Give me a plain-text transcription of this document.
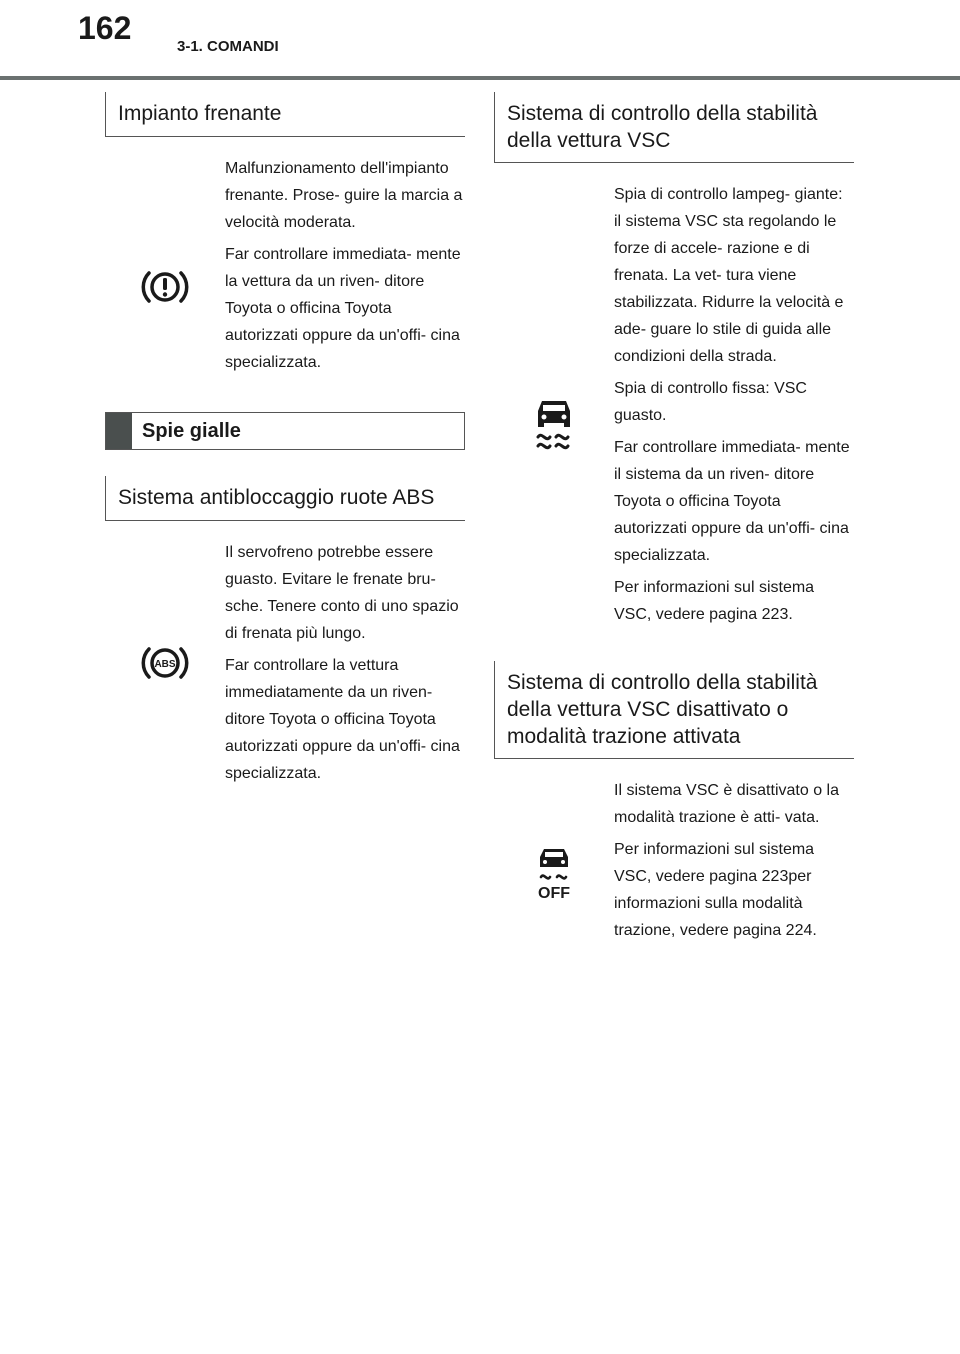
162
3-1. COMANDI
Impianto frenante

Malfunzionamento dell'impianto frenante. Prose- guire la marcia a velocità moderata.

Far controllare immediata- mente la vettura da un riven- ditore Toyota o officina Toyota autorizzati oppure da un'offi- cina specializzata.

Spie gialle
Sistema antibloccaggio ruote ABS
ABS

Il servofreno potrebbe essere guasto. Evitare le frenate bru- sche. Tenere conto di uno spazio di frenata più lungo.

Far controllare la vettura immediatamente da un riven- ditore Toyota o officina Toyota autorizzati oppure da un'offi- cina specializzata.

Sistema di controllo della stabilità della vettura VSC

Spia di controllo lampeg- giante: il sistema VSC sta regolando le forze di accele- razione e di frenata. La vet- tura viene stabilizzata. Ridurre la velocità e ade- guare lo stile di guida alle condizioni della strada.

Spia di controllo fissa: VSC guasto.

Far controllare immediata- mente il sistema da un riven- ditore Toyota o officina Toyota autorizzati oppure da un'offi- cina specializzata.

Per informazioni sul sistema VSC, vedere pagina 223.

Sistema di controllo della stabilità della vettura VSC disattivato o modalità trazione attivata
OFF

Il sistema VSC è disattivato o la modalità trazione è atti- vata.

Per informazioni sul sistema VSC, vedere pagina 223per informazioni sulla modalità trazione, vedere pagina 224.
